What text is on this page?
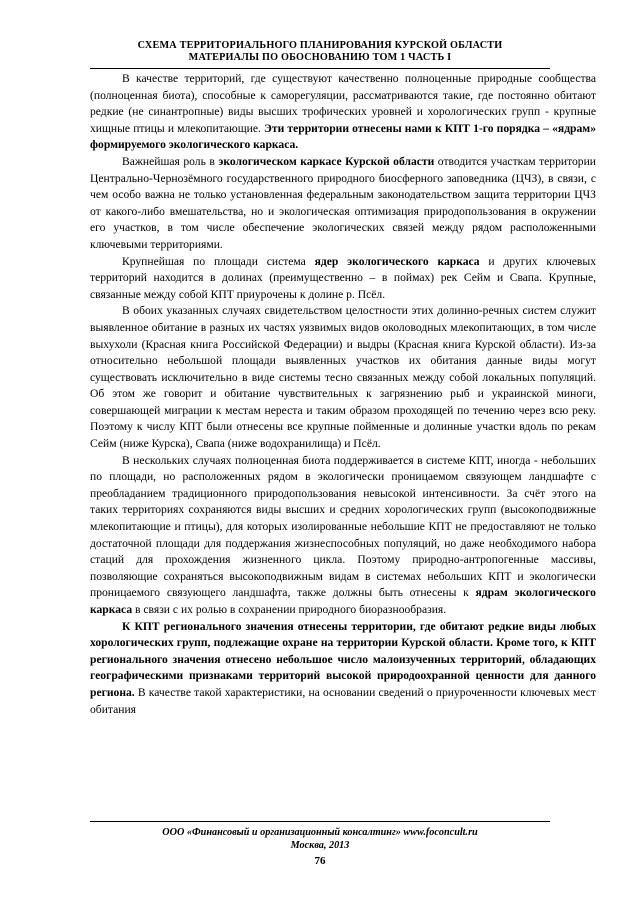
СХЕМА ТЕРРИТОРИАЛЬНОГО ПЛАНИРОВАНИЯ КУРСКОЙ ОБЛАСТИ
МАТЕРИАЛЫ ПО ОБОСНОВАНИЮ ТОМ 1 ЧАСТЬ I

В качестве территорий, где существуют качественно полноценные природные сообщества (полноценная биота), способные к саморегуляции, рассматриваются такие, где постоянно обитают редкие (не синантропные) виды высших трофических уровней и хорологических групп - крупные хищные птицы и млекопитающие. Эти территории отнесены нами к КПТ 1-го порядка – «ядрам» формируемого экологического каркаса.

Важнейшая роль в экологическом каркасе Курской области отводится участкам территории Центрально-Чернозёмного государственного природного биосферного заповедника (ЦЧЗ), в связи, с чем особо важна не только установленная федеральным законодательством защита территории ЦЧЗ от какого-либо вмешательства, но и экологическая оптимизация природопользования в окружении его участков, в том числе обеспечение экологических связей между рядом расположенными ключевыми территориями.

Крупнейшая по площади система ядер экологического каркаса и других ключевых территорий находится в долинах (преимущественно – в поймах) рек Сейм и Свапа. Крупные, связанные между собой КПТ приурочены к долине р. Псёл.

В обоих указанных случаях свидетельством целостности этих долинно-речных систем служит выявленное обитание в разных их частях уязвимых видов околоводных млекопитающих, в том числе выхухоли (Красная книга Российской Федерации) и выдры (Красная книга Курской области). Из-за относительно небольшой площади выявленных участков их обитания данные виды могут существовать исключительно в виде системы тесно связанных между собой локальных популяций. Об этом же говорит и обитание чувствительных к загрязнению рыб и украинской миноги, совершающей миграции к местам нереста и таким образом проходящей по течению через всю реку. Поэтому к числу КПТ были отнесены все крупные пойменные и долинные участки вдоль по рекам Сейм (ниже Курска), Свапа (ниже водохранилища) и Псёл.

В нескольких случаях полноценная биота поддерживается в системе КПТ, иногда - небольших по площади, но расположенных рядом в экологически проницаемом связующем ландшафте с преобладанием традиционного природопользования невысокой интенсивности. За счёт этого на таких территориях сохраняются виды высших и средних хорологических групп (высокоподвижные млекопитающие и птицы), для которых изолированные небольшие КПТ не предоставляют не только достаточной площади для поддержания жизнеспособных популяций, но даже необходимого набора стаций для прохождения жизненного цикла. Поэтому природно-антропогенные массивы, позволяющие сохраняться высокоподвижным видам в системах небольших КПТ и экологически проницаемого связующего ландшафта, также должны быть отнесены к ядрам экологического каркаса в связи с их ролью в сохранении природного биоразнообразия.

К КПТ регионального значения отнесены территории, где обитают редкие виды любых хорологических групп, подлежащие охране на территории Курской области. Кроме того, к КПТ регионального значения отнесено небольшое число малоизученных территорий, обладающих географическими признаками территорий высокой природоохранной ценности для данного региона. В качестве такой характеристики, на основании сведений о приуроченности ключевых мест обитания

ООО «Финансовый и организационный консалтинг» www.foconcult.ru
Москва, 2013
76
